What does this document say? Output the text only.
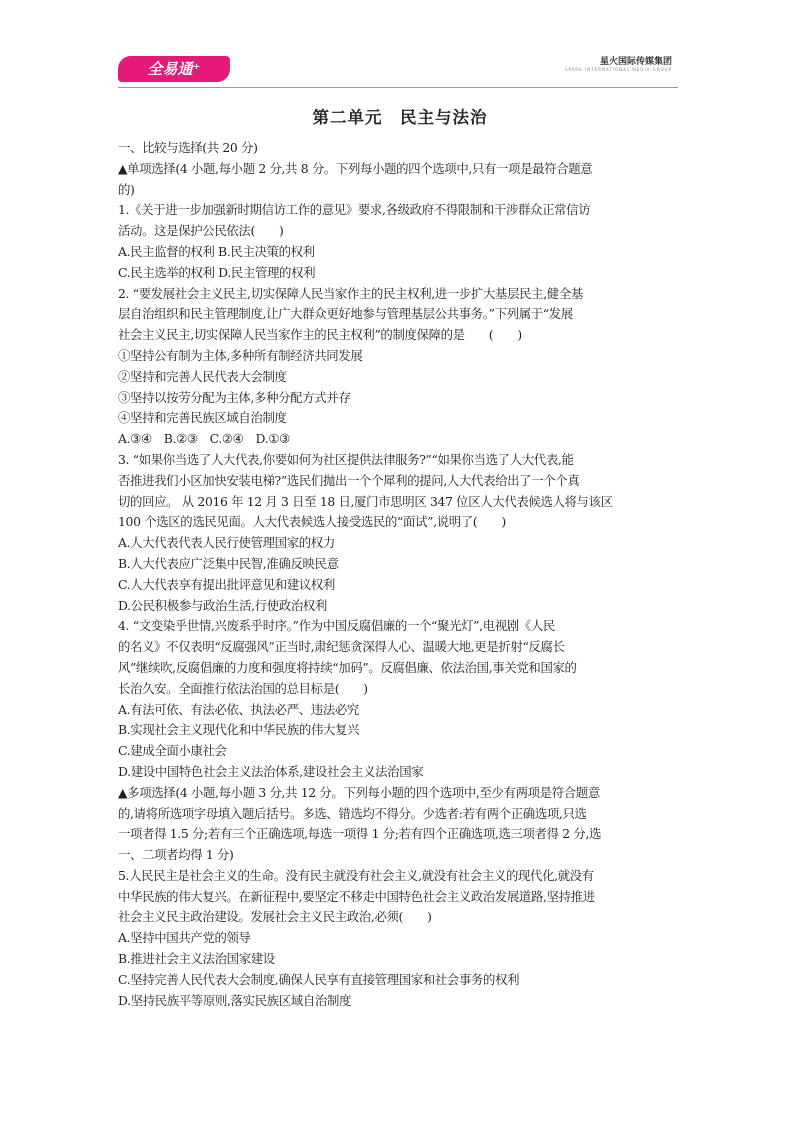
全易通⁺	星火国际传媒集团
SPARK INTERNATIONAL MEDIA GROUP
第二单元　民主与法治

一、比较与选择(共 20 分)

▲单项选择(4 小题,每小题 2 分,共 8 分。下列每小题的四个选项中,只有一项是最符合题意

的)

1.《关于进一步加强新时期信访工作的意见》要求,各级政府不得限制和干涉群众正常信访

活动。这是保护公民依法(　　)

A.民主监督的权利 B.民主决策的权利

C.民主选举的权利 D.民主管理的权利

2. “要发展社会主义民主,切实保障人民当家作主的民主权利,进一步扩大基层民主,健全基

层自治组织和民主管理制度,让广大群众更好地参与管理基层公共事务。”下列属于“发展

社会主义民主,切实保障人民当家作主的民主权利”的制度保障的是　　(　　)

①坚持公有制为主体,多种所有制经济共同发展

②坚持和完善人民代表大会制度

③坚持以按劳分配为主体,多种分配方式并存

④坚持和完善民族区域自治制度

A.③④　B.②③　C.②④　D.①③

3. “如果你当选了人大代表,你要如何为社区提供法律服务?”“如果你当选了人大代表,能

否推进我们小区加快安装电梯?”选民们抛出一个个犀利的提问,人大代表给出了一个个真

切的回应。 从 2016 年 12 月 3 日至 18 日,厦门市思明区 347 位区人大代表候选人将与该区

100 个选区的选民见面。人大代表候选人接受选民的“面试”,说明了(　　)

A.人大代表代表人民行使管理国家的权力

B.人大代表应广泛集中民智,准确反映民意

C.人大代表享有提出批评意见和建议权利

D.公民积极参与政治生活,行使政治权利

4. “文变染乎世情,兴废系乎时序。”作为中国反腐倡廉的一个“聚光灯”,电视剧《人民

的名义》不仅表明“反腐强风”正当时,肃纪惩贪深得人心、温暖大地,更是折射“反腐长

风”继续吹,反腐倡廉的力度和强度将持续“加码”。反腐倡廉、依法治国,事关党和国家的

长治久安。全面推行依法治国的总目标是(　　)

A.有法可依、有法必依、执法必严、违法必究

B.实现社会主义现代化和中华民族的伟大复兴

C.建成全面小康社会

D.建设中国特色社会主义法治体系,建设社会主义法治国家

▲多项选择(4 小题,每小题 3 分,共 12 分。下列每小题的四个选项中,至少有两项是符合题意

的,请将所选项字母填入题后括号。多选、错选均不得分。少选者:若有两个正确选项,只选

一项者得 1.5 分;若有三个正确选项,每选一项得 1 分;若有四个正确选项,选三项者得 2 分,选

一、二项者均得 1 分)

5.人民民主是社会主义的生命。没有民主就没有社会主义,就没有社会主义的现代化,就没有

中华民族的伟大复兴。在新征程中,要坚定不移走中国特色社会主义政治发展道路,坚持推进

社会主义民主政治建设。发展社会主义民主政治,必须(　　)

A.坚持中国共产党的领导

B.推进社会主义法治国家建设

C.坚持完善人民代表大会制度,确保人民享有直接管理国家和社会事务的权利

D.坚持民族平等原则,落实民族区域自治制度
